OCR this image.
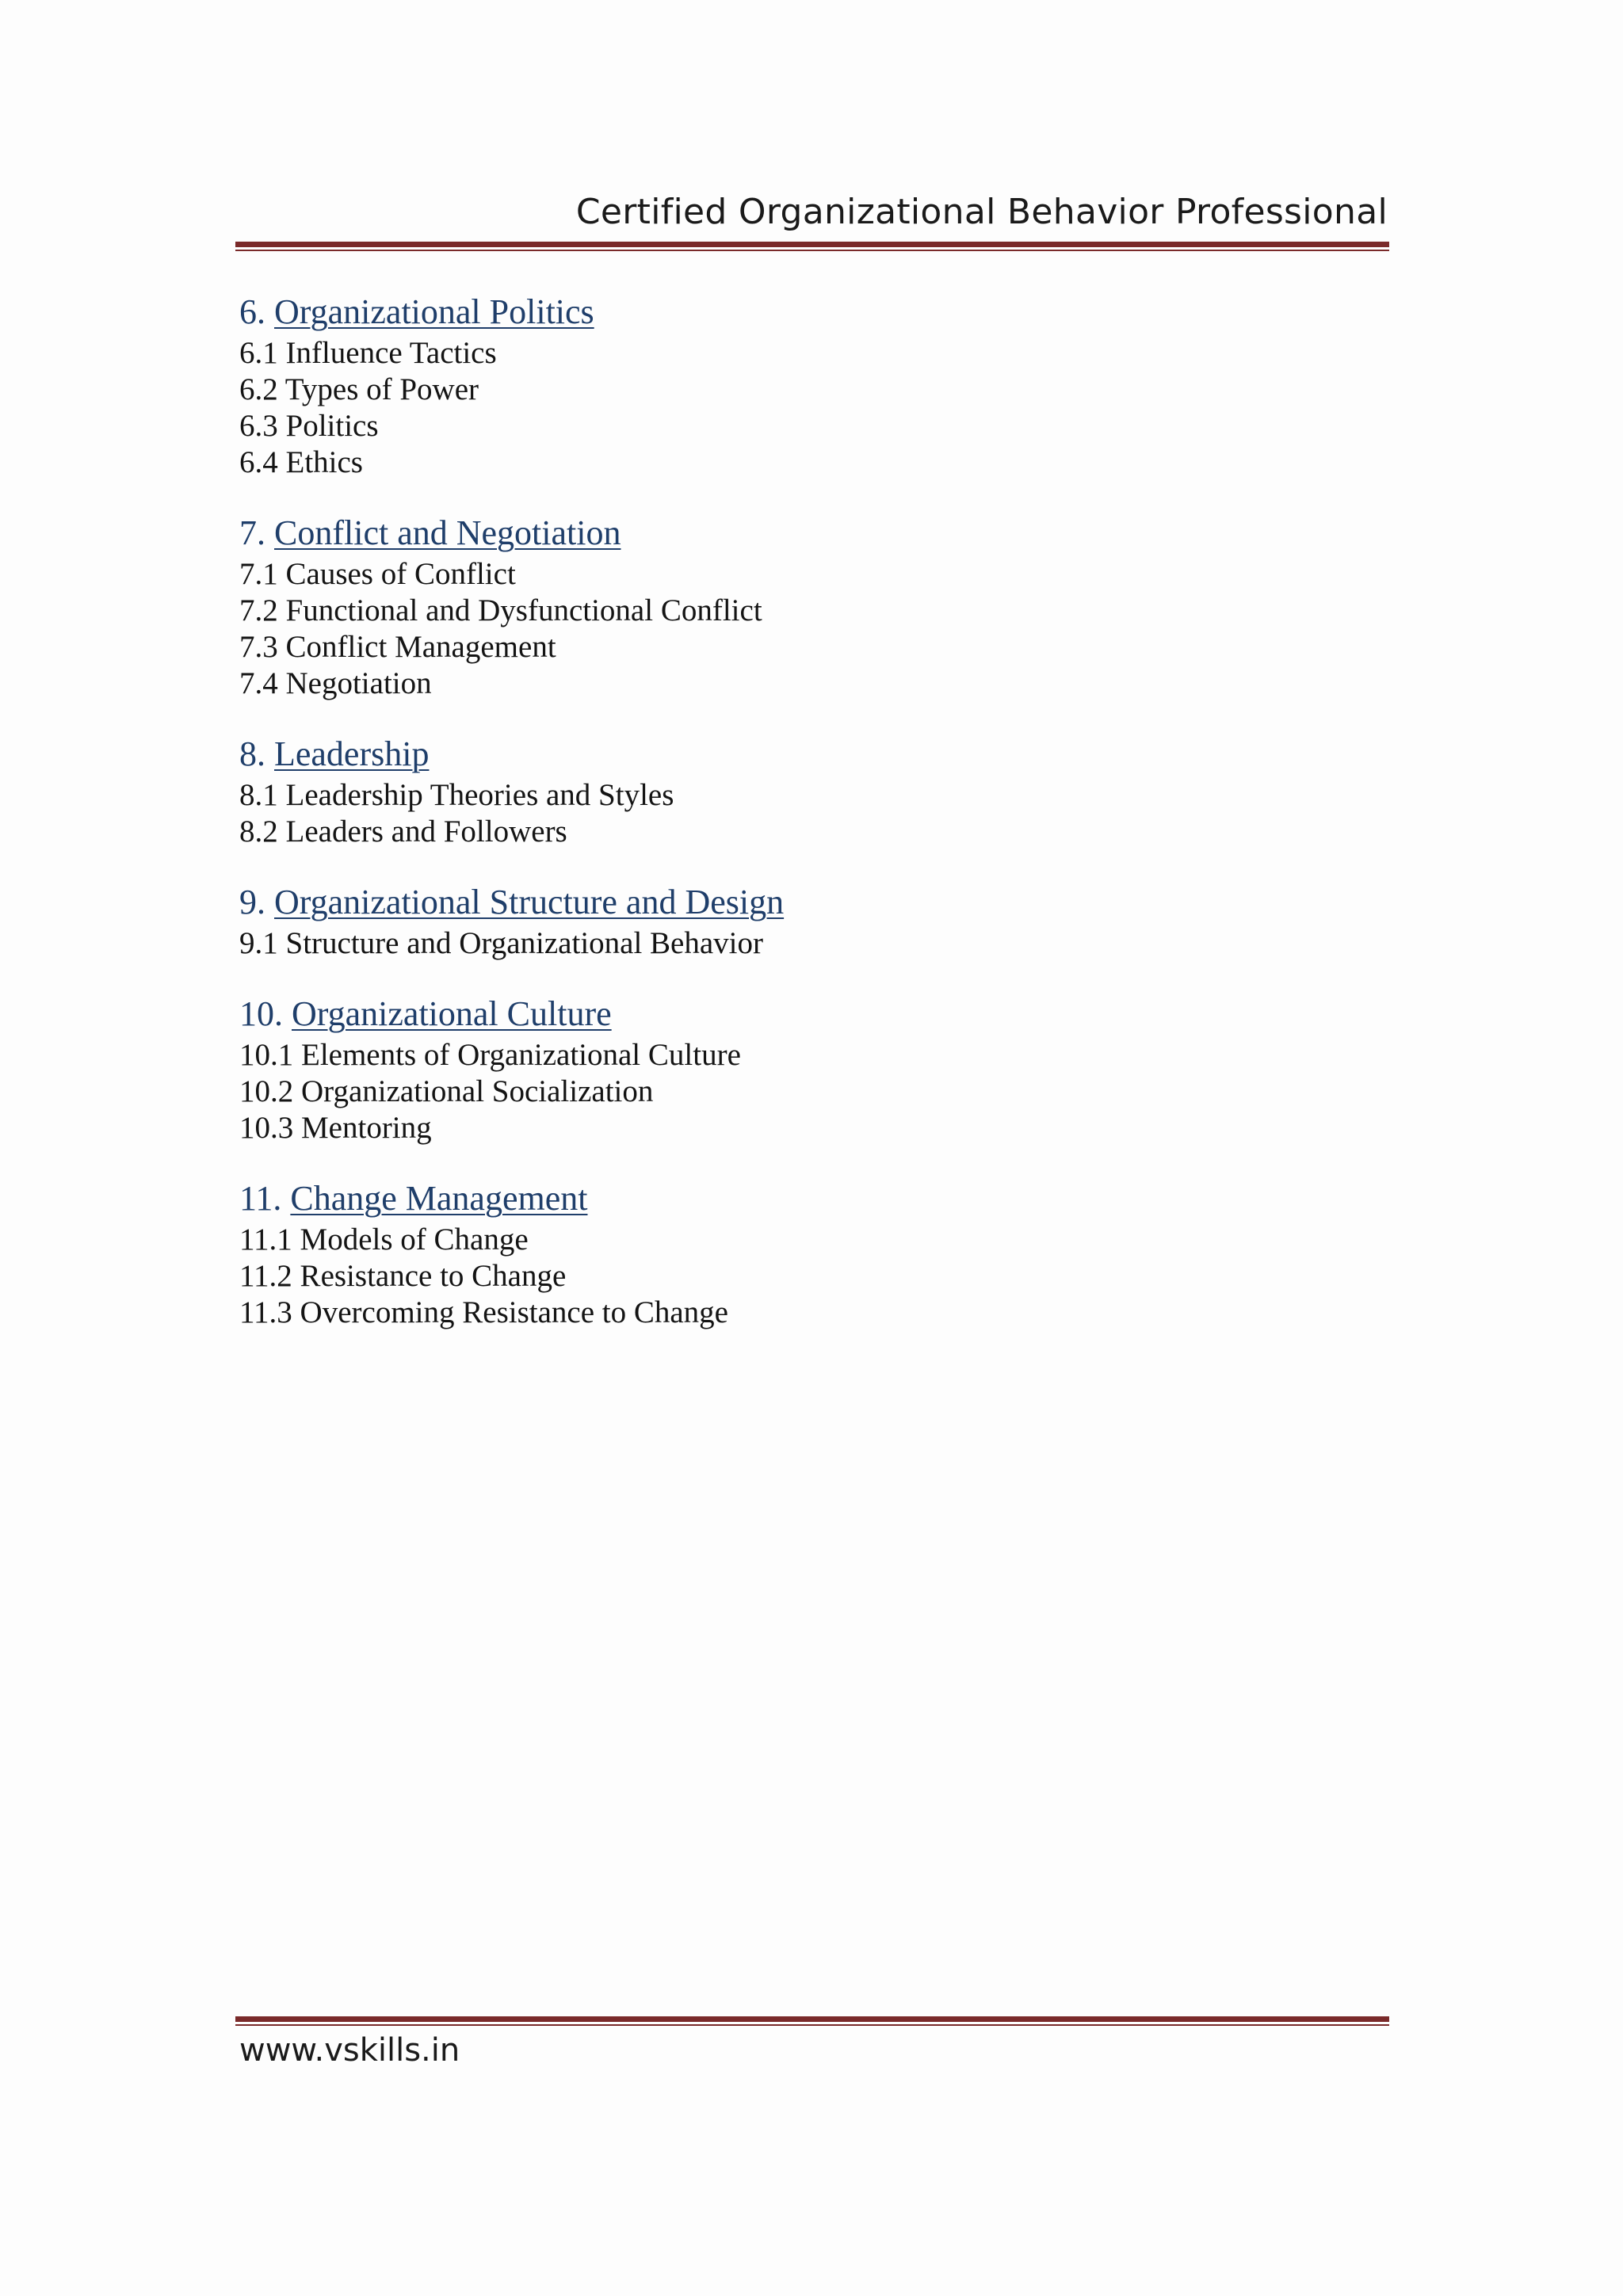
Certified Organizational Behavior Professional
6. Organizational Politics
6.1 Influence Tactics
6.2 Types of Power
6.3 Politics
6.4 Ethics
7. Conflict and Negotiation
7.1 Causes of Conflict
7.2 Functional and Dysfunctional Conflict
7.3 Conflict Management
7.4 Negotiation
8. Leadership
8.1 Leadership Theories and Styles
8.2 Leaders and Followers
9. Organizational Structure and Design
9.1 Structure and Organizational Behavior
10. Organizational Culture
10.1 Elements of Organizational Culture
10.2 Organizational Socialization
10.3 Mentoring
11. Change Management
11.1 Models of Change
11.2 Resistance to Change
11.3 Overcoming Resistance to Change
www.vskills.in
